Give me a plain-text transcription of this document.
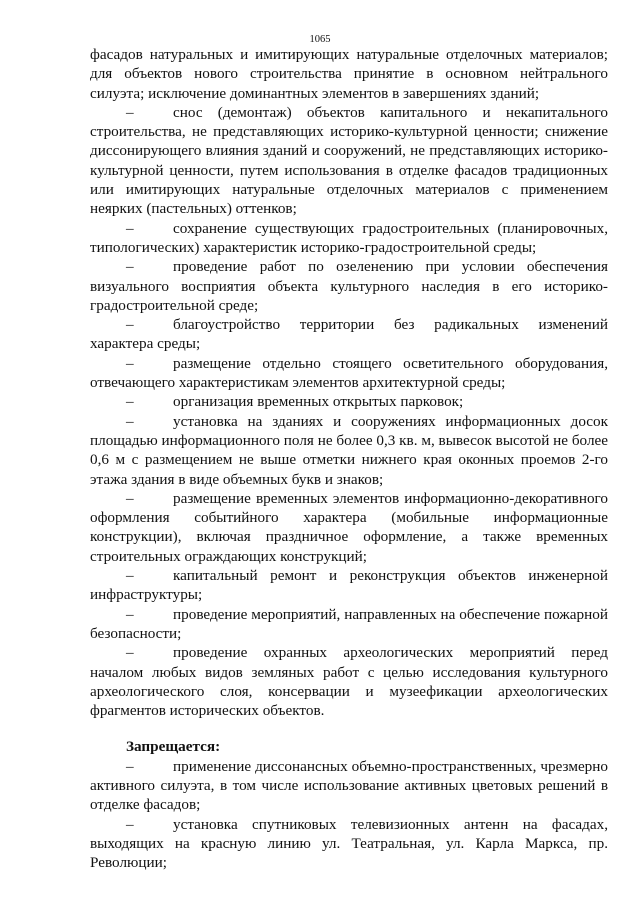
1065

фасадов натуральных и имитирующих натуральные отделочных материалов; для объектов нового строительства принятие в основном нейтрального силуэта; исключение доминантных элементов в завершениях зданий;

–	снос (демонтаж) объектов капитального и некапитального строительства, не представляющих историко-культурной ценности; снижение диссонирующего влияния зданий и сооружений, не представляющих историко-культурной ценности, путем использования в отделке фасадов традиционных или имитирующих натуральные отделочных материалов с применением неярких (пастельных) оттенков;

–	сохранение существующих градостроительных (планировочных, типологических) характеристик историко-градостроительной среды;

–	проведение работ по озеленению при условии обеспечения визуального восприятия объекта культурного наследия в его историко-градостроительной среде;

–	благоустройство территории без радикальных изменений характера среды;

–	размещение отдельно стоящего осветительного оборудования, отвечающего характеристикам элементов архитектурной среды;

–	организация временных открытых парковок;

–	установка на зданиях и сооружениях информационных досок площадью информационного поля не более 0,3 кв. м, вывесок высотой не более 0,6 м с размещением не выше отметки нижнего края оконных проемов 2-го этажа здания в виде объемных букв и знаков;

–	размещение временных элементов информационно-декоративного оформления событийного характера (мобильные информационные конструкции), включая праздничное оформление, а также временных строительных ограждающих конструкций;

–	капитальный ремонт и реконструкция объектов инженерной инфраструктуры;

–	проведение мероприятий, направленных на обеспечение пожарной безопасности;

–	проведение охранных археологических мероприятий перед началом любых видов земляных работ с целью исследования культурного археологического слоя, консервации и музеефикации археологических фрагментов исторических объектов.

Запрещается:

–	применение диссонансных объемно-пространственных, чрезмерно активного силуэта, в том числе использование активных цветовых решений в отделке фасадов;

–	установка спутниковых телевизионных антенн на фасадах, выходящих на красную линию ул. Театральная, ул. Карла Маркса, пр. Революции;
